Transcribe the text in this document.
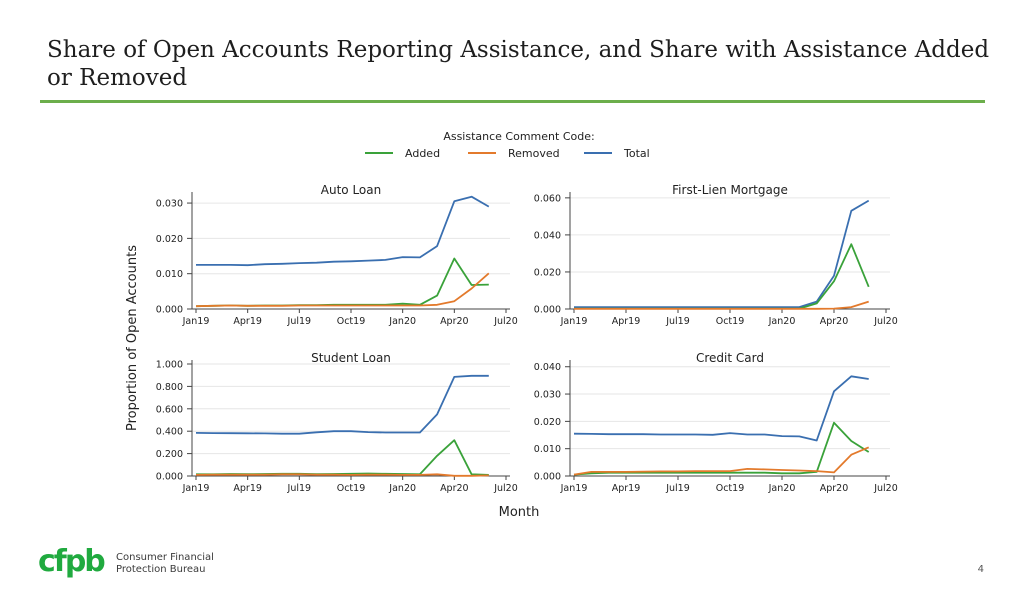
Share of Open Accounts Reporting Assistance, and Share with Assistance Added or Removed
Assistance Comment Code:
Added	Removed	Total
Auto Loan
0.000
0.010
0.020
0.030
Jan19	Apr19	Jul19	Oct19	Jan20	Apr20	Jul20
First-Lien Mortgage
0.000
0.020
0.040
0.060
Jan19	Apr19	Jul19	Oct19	Jan20	Apr20	Jul20
Student Loan
0.000
0.200
0.400
0.600
0.800
1.000
Jan19	Apr19	Jul19	Oct19	Jan20	Apr20	Jul20
Credit Card
0.000
0.010
0.020
0.030
0.040
Jan19	Apr19	Jul19	Oct19	Jan20	Apr20	Jul20
Proportion of Open Accounts
Month
cfpb Consumer Financial
Protection Bureau	4
